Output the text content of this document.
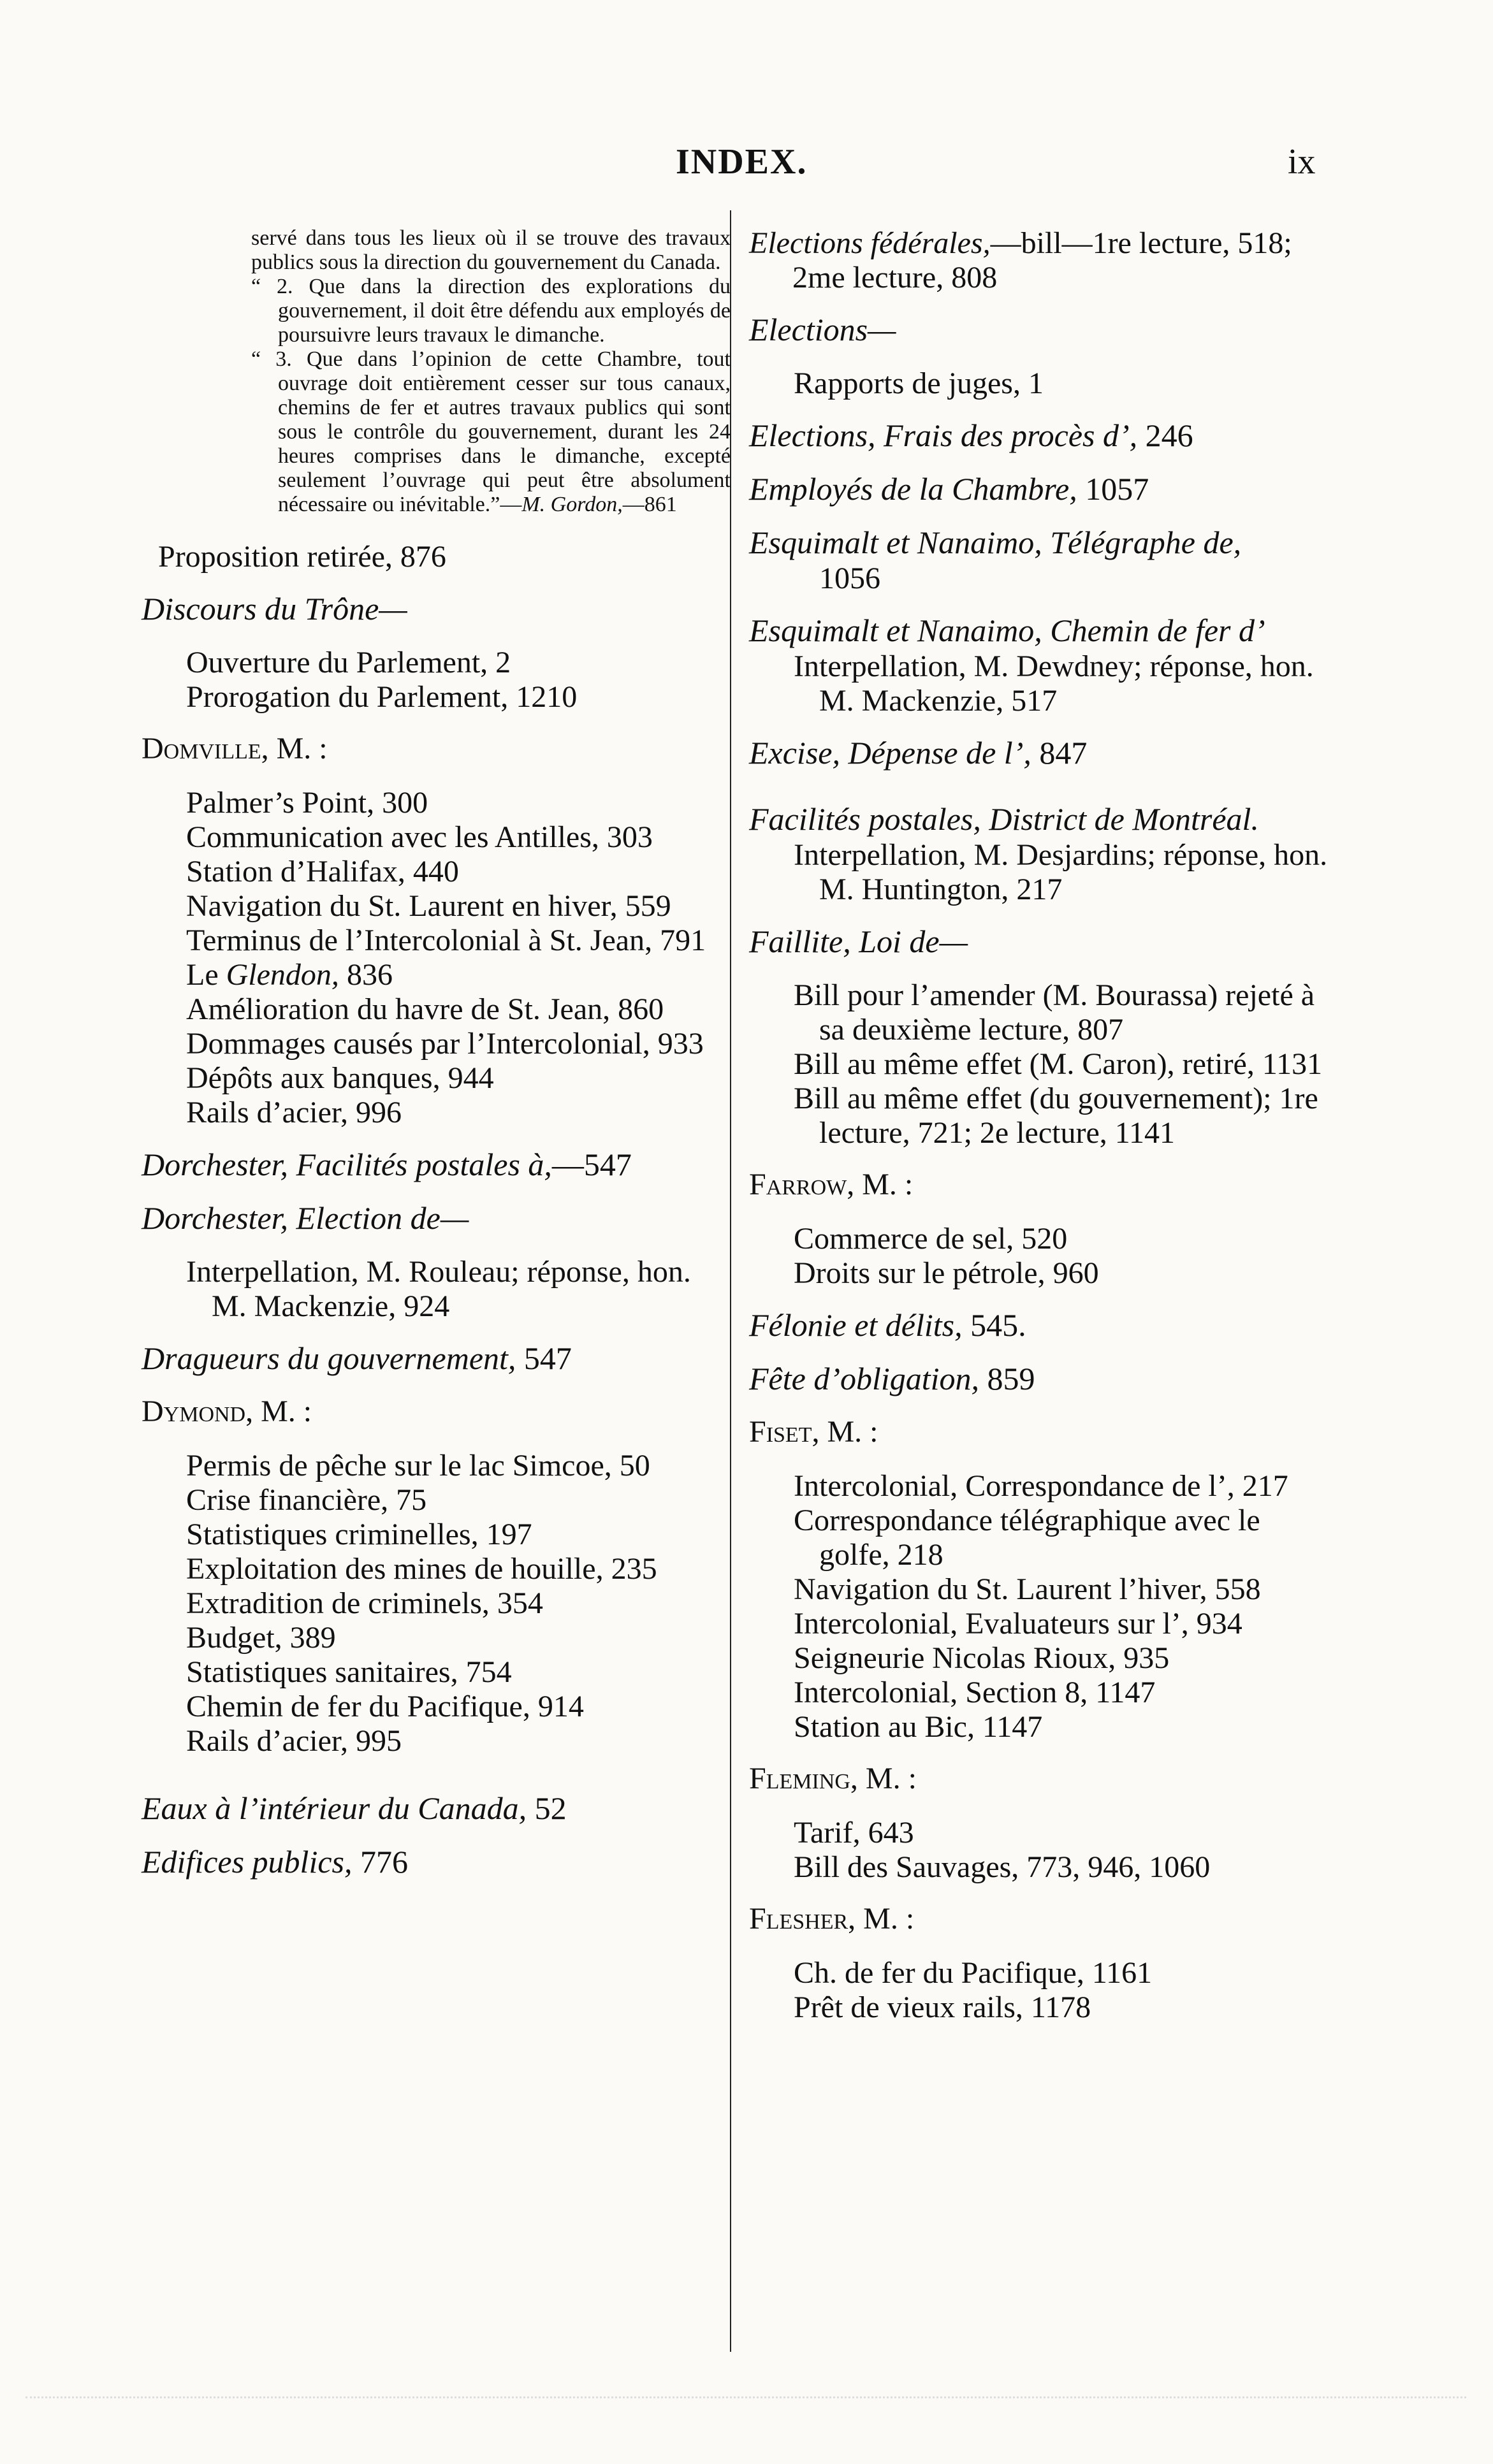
INDEX.	ix

servé dans tous les lieux où il se trouve des travaux publics sous la direction du gouvernement du Canada.

“ 2. Que dans la direction des explorations du gouvernement, il doit être défendu aux employés de poursuivre leurs travaux le dimanche.

“ 3. Que dans l’opinion de cette Chambre, tout ouvrage doit entièrement cesser sur tous canaux, chemins de fer et autres travaux publics qui sont sous le contrôle du gouvernement, durant les 24 heures comprises dans le dimanche, excepté seulement l’ouvrage qui peut être absolument nécessaire ou inévitable.”—M. Gordon,—861

Proposition retirée, 876
Discours du Trône—
Ouverture du Parlement, 2
Prorogation du Parlement, 1210
Domville, M. :
Palmer’s Point, 300
Communication avec les Antilles, 303
Station d’Halifax, 440
Navigation du St. Laurent en hiver, 559
Terminus de l’Intercolonial à St. Jean, 791
Le Glendon, 836
Amélioration du havre de St. Jean, 860
Dommages causés par l’Intercolonial, 933
Dépôts aux banques, 944
Rails d’acier, 996
Dorchester, Facilités postales à,—547
Dorchester, Election de—
Interpellation, M. Rouleau; réponse, hon. M. Mackenzie, 924
Dragueurs du gouvernement, 547
Dymond, M. :
Permis de pêche sur le lac Simcoe, 50
Crise financière, 75
Statistiques criminelles, 197
Exploitation des mines de houille, 235
Extradition de criminels, 354
Budget, 389
Statistiques sanitaires, 754
Chemin de fer du Pacifique, 914
Rails d’acier, 995
Eaux à l’intérieur du Canada, 52
Edifices publics, 776
Elections fédérales,—bill—1re lecture, 518; 2me lecture, 808
Elections—
Rapports de juges, 1
Elections, Frais des procès d’, 246
Employés de la Chambre, 1057
Esquimalt et Nanaimo, Télégraphe de,
1056
Esquimalt et Nanaimo, Chemin de fer d’
Interpellation, M. Dewdney; réponse, hon. M. Mackenzie, 517
Excise, Dépense de l’, 847
Facilités postales, District de Montréal.
Interpellation, M. Desjardins; réponse, hon. M. Huntington, 217
Faillite, Loi de—
Bill pour l’amender (M. Bourassa) rejeté à sa deuxième lecture, 807
Bill au même effet (M. Caron), retiré, 1131
Bill au même effet (du gouvernement); 1re lecture, 721; 2e lecture, 1141
Farrow, M. :
Commerce de sel, 520
Droits sur le pétrole, 960
Félonie et délits, 545.
Fête d’obligation, 859
Fiset, M. :
Intercolonial, Correspondance de l’, 217
Correspondance télégraphique avec le golfe, 218
Navigation du St. Laurent l’hiver, 558
Intercolonial, Evaluateurs sur l’, 934
Seigneurie Nicolas Rioux, 935
Intercolonial, Section 8, 1147
Station au Bic, 1147
Fleming, M. :
Tarif, 643
Bill des Sauvages, 773, 946, 1060
Flesher, M. :
Ch. de fer du Pacifique, 1161
Prêt de vieux rails, 1178
